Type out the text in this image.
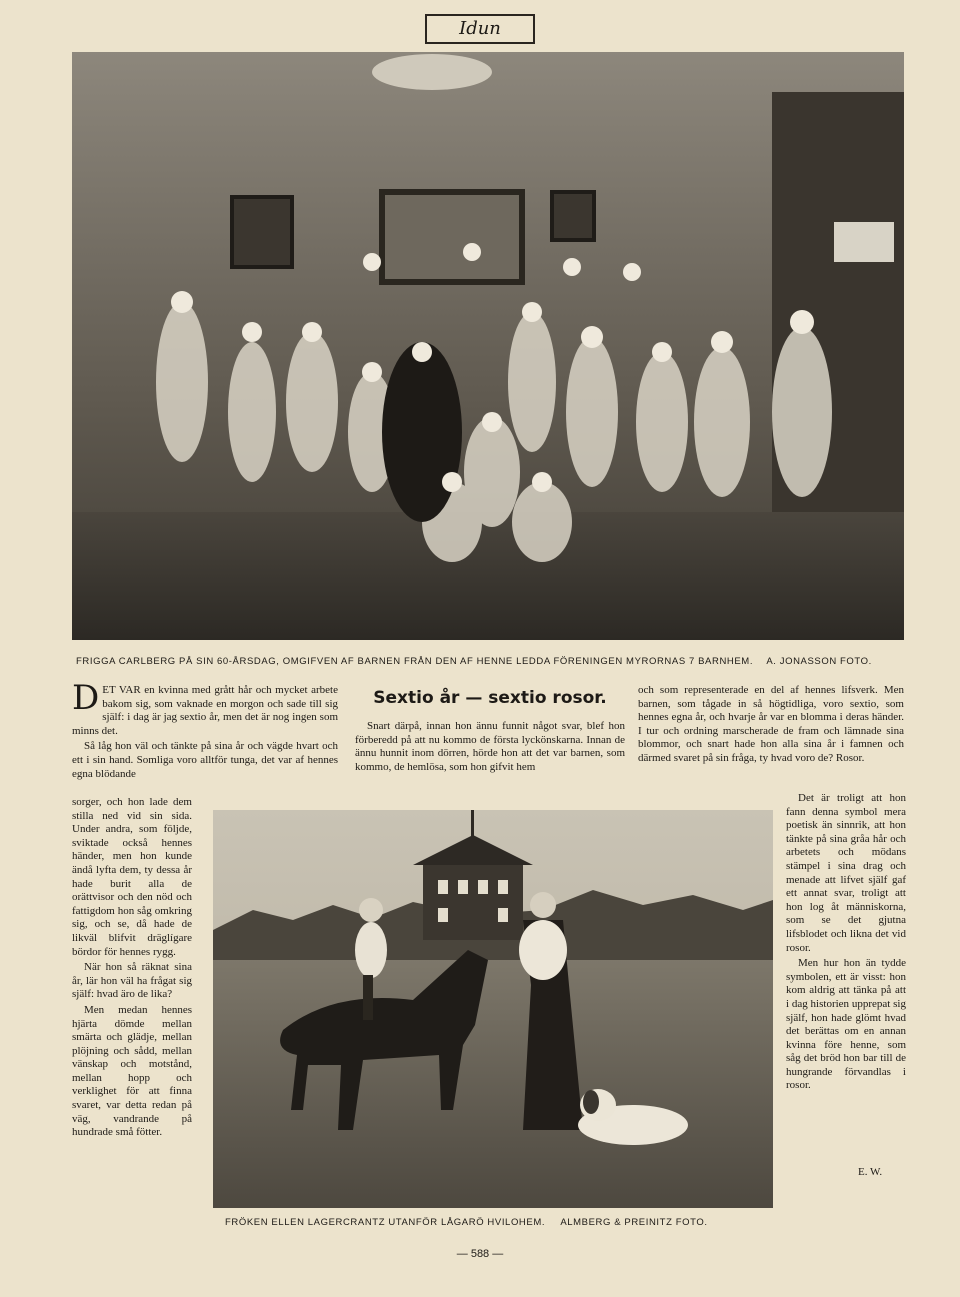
Idun
FRIGGA CARLBERG PÅ SIN 60-ÅRSDAG, OMGIFVEN AF BARNEN FRÅN DEN AF HENNE LEDDA FÖRENINGEN MYRORNAS 7 BARNHEM. A. JONASSON FOTO.

DET VAR en kvinna med grått hår och mycket arbete bakom sig, som vaknade en morgon och sade till sig själf: i dag är jag sextio år, men det är nog ingen som minns det.

Så låg hon väl och tänkte på sina år och vägde hvart och ett i sin hand. Somliga voro alltför tunga, det var af hennes egna blödande

sorger, och hon lade dem stilla ned vid sin sida. Under andra, som följde, sviktade också hennes händer, men hon kunde ändå lyfta dem, ty dessa år hade burit alla de orättvisor och den nöd och fattigdom hon såg omkring sig, och se, då hade de likväl blifvit dräglígare bördor för hennes rygg.

När hon så räknat sina år, lär hon väl ha frågat sig själf: hvad äro de lika?

Men medan hennes hjärta dömde mellan smärta och glädje, mellan plöjning och sådd, mellan vänskap och motstånd, mellan hopp och verklighet för att finna svaret, var detta redan på väg, vandrande på hundrade små fötter.

Sextio år — sextio rosor.

Snart därpå, innan hon ännu funnit något svar, blef hon förberedd på att nu kommo de första lyckönskarna. Innan de ännu hunnit inom dörren, hörde hon att det var barnen, som kommo, de hemlösa, som hon gifvit hem

och som representerade en del af hennes lifsverk. Men barnen, som tågade in så högtidliga, voro sextio, som hennes egna år, och hvarje år var en blomma i deras händer. I tur och ordning marscherade de fram och lämnade sina blommor, och snart hade hon alla sina år i famnen och därmed svaret på sin fråga, ty hvad voro de? Rosor.

Det är troligt att hon fann denna symbol mera poetisk än sinnrik, att hon tänkte på sina gråa hår och arbetets och mödans stämpel i sina drag och menade att lifvet själf gaf ett annat svar, troligt att hon log åt människorna, som se det gjutna lifsblodet och likna det vid rosor.

Men hur hon än tydde symbolen, ett är visst: hon kom aldrig att tänka på att i dag historien upprepat sig själf, hon hade glömt hvad det berättas om en annan kvinna före henne, som såg det bröd hon bar till de hungrande förvandlas i rosor.

E. W.
FRÖKEN ELLEN LAGERCRANTZ UTANFÖR LÅGARÖ HVILOHEM. ALMBERG & PREINITZ FOTO.
— 588 —
